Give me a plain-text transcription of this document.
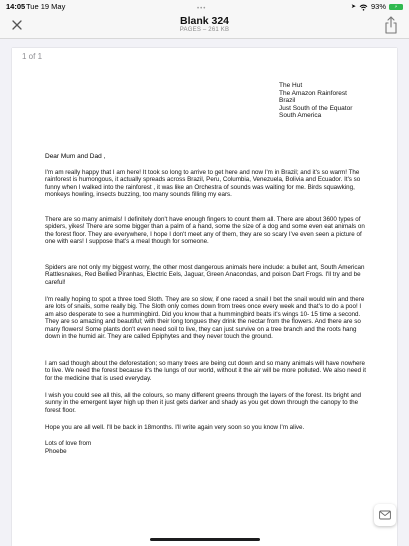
14:05 Tue 19 May	•••	➤ 93%	⚡
Blank 324
PAGES – 261 KB
1 of 1
The Hut
The Amazon Rainforest
Brazil
Just South of the Equator
South America
Dear Mum and Dad ,

I'm am really happy that I am here! It took so long to arrive to get here and now I'm in Brazil; and it's so warm! The rainforest is humongous, it actually spreads across Brazil, Peru, Columbia, Venezuela, Bolivia and Ecuador. It's so funny when I walked into the rainforest , it was like an Orchestra of sounds was waiting for me. Birds squawking, monkeys howling, insects buzzing, too many sounds filling my ears.

There are so many animals! I definitely don't have enough fingers to count them all. There are about 3600 types of spiders, yikes! There are some bigger than a palm of a hand, some the size of a dog and some even eat animals on the forest floor. They are everywhere, I hope I don't meet any of them, they are so scary I've even seen a picture of one with ears! I suppose that's a meal though for someone.

Spiders are not only my biggest worry, the other most dangerous animals here include: a bullet ant, South American Rattlesnakes, Red Bellied Piranhas, Electric Eels, Jaguar, Green Anacondas, and poison Dart Frogs. I'll try and be careful!

I'm really hoping to spot a three toed Sloth. They are so slow, if one raced a snail I bet the snail would win and there are lots of snails, some really big. The Sloth only comes down from trees once every week and that's to do a poo! I am also desperate to see a hummingbird. Did you know that a hummingbird beats it's wings 10- 15 time a second. They are so amazing and beautiful; with their long tongues they drink the nectar from the flowers. And there are so many flowers! Some plants don't even need soil to live, they can just survive on a tree branch and the roots hang down in the humid air. They are called Epiphytes and they never touch the ground.

I am sad though about the deforestation; so many trees are being cut down and so many animals will have nowhere to live. We need the forest because it's the lungs of our world, without it the air will be more polluted. We also need it for the medicine that is used everyday.

I wish you could see all this, all the colours, so many different greens through the layers of the forest. Its bright and sunny in the emergent layer high up then it just gets darker and shady as you get down through the canopy to the forest floor.

Hope you are all well. I'll be back in 18months. I'll write again very soon so you know I'm alive.

Lots of love from
Phoebe
